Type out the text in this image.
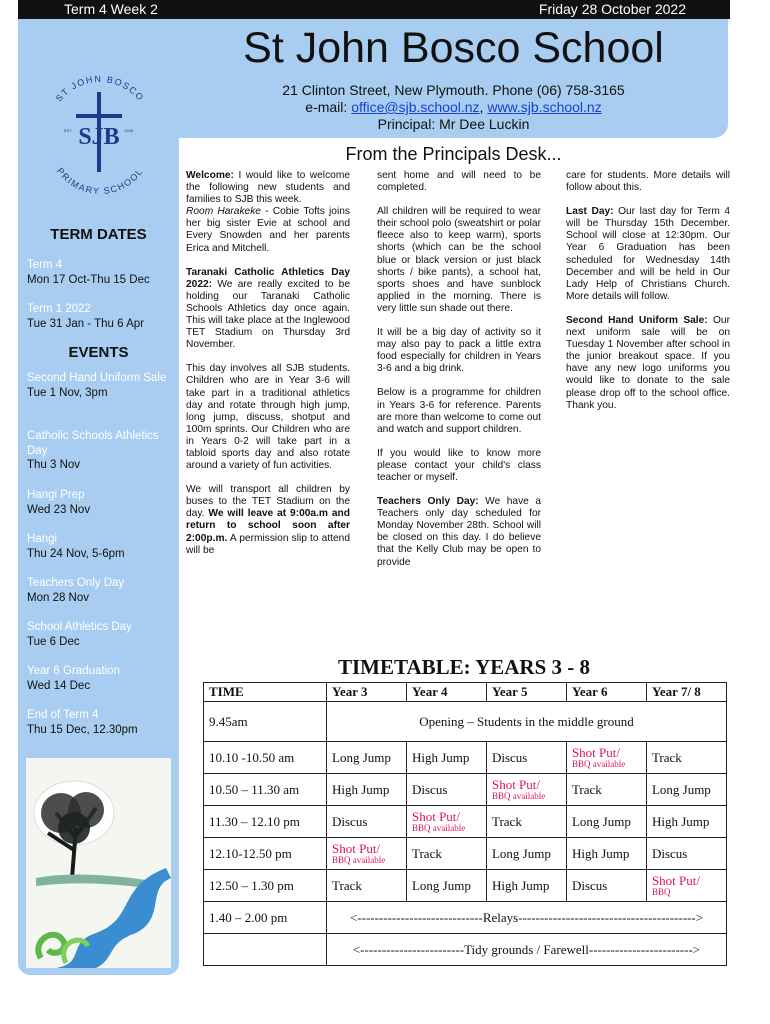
Term 4 Week 2	Friday 28 October 2022
ST JOHN BOSCO
PRIMARY SCHOOL
SJB
EST	1948
St John Bosco School
21 Clinton Street, New Plymouth. Phone (06) 758-3165
e-mail: office@sjb.school.nz, www.sjb.school.nz
Principal: Mr Dee Luckin
TERM DATES
Term 4
Mon 17 Oct-Thu 15 Dec
Term 1 2022
Tue 31 Jan - Thu 6 Apr
EVENTS
Second Hand Uniform Sale
Tue 1 Nov, 3pm
Catholic Schools Athletics Day
Thu 3 Nov
Hangi Prep
Wed 23 Nov
Hangi
Thu 24 Nov, 5-6pm
Teachers Only Day
Mon 28 Nov
School Athletics Day
Tue 6 Dec
Year 6 Graduation
Wed 14 Dec
End of Term 4
Thu 15 Dec, 12.30pm
From the Principals Desk...

Welcome: I would like to welcome the following new students and families to SJB this week.
Room Harakeke - Cobie Tofts joins her big sister Evie at school and Every Snowden and her parents Erica and Mitchell.

Taranaki Catholic Athletics Day 2022: We are really excited to be holding our Taranaki Catholic Schools Athletics day once again. This will take place at the Inglewood TET Stadium on Thursday 3rd November.

This day involves all SJB students. Children who are in Year 3-6 will take part in a traditional athletics day and rotate through high jump, long jump, discuss, shotput and 100m sprints. Our Children who are in Years 0-2 will take part in a tabloid sports day and also rotate around a variety of fun activities.

We will transport all children by buses to the TET Stadium on the day. We will leave at 9:00a.m and return to school soon after 2:00p.m. A permission slip to attend will be

sent home and will need to be completed.

All children will be required to wear their school polo (sweatshirt or polar fleece also to keep warm), sports shorts (which can be the school blue or black version or just black shorts / bike pants), a school hat, sports shoes and have sunblock applied in the morning. There is very little sun shade out there.

It will be a big day of activity so it may also pay to pack a little extra food especially for children in Years 3-6 and a big drink.

Below is a programme for children in Years 3-6 for reference. Parents are more than welcome to come out and watch and support children.

If you would like to know more please contact your child's class teacher or myself.

Teachers Only Day: We have a Teachers only day scheduled for Monday November 28th. School will be closed on this day. I do believe that the Kelly Club may be open to provide

care for students. More details will follow about this.

Last Day: Our last day for Term 4 will be Thursday 15th December. School will close at 12:30pm. Our Year 6 Graduation has been scheduled for Wednesday 14th December and will be held in Our Lady Help of Christians Church. More details will follow.

Second Hand Uniform Sale: Our next uniform sale will be on Tuesday 1 November after school in the junior breakout space. If you have any new logo uniforms you would like to donate to the sale please drop off to the school office. Thank you.

TIMETABLE: YEARS 3 - 8
TIME	Year 3	Year 4	Year 5	Year 6	Year 7/ 8
9.45am	Opening – Students in the middle ground				
10.10 -10.50 am	Long Jump	High Jump	Discus	Shot Put/
BBQ available	Track
10.50 – 11.30 am	High Jump	Discus	Shot Put/
BBQ available	Track	Long Jump
11.30 – 12.10 pm	Discus	Shot Put/
BBQ available	Track	Long Jump	High Jump
12.10-12.50 pm	Shot Put/
BBQ available	Track	Long Jump	High Jump	Discus
12.50 – 1.30 pm	Track	Long Jump	High Jump	Discus	Shot Put/
BBQ

1.40 – 2.00 pm	<-----------------------------Relays----------------------------------------->				
	<------------------------Tidy grounds / Farewell------------------------>				
